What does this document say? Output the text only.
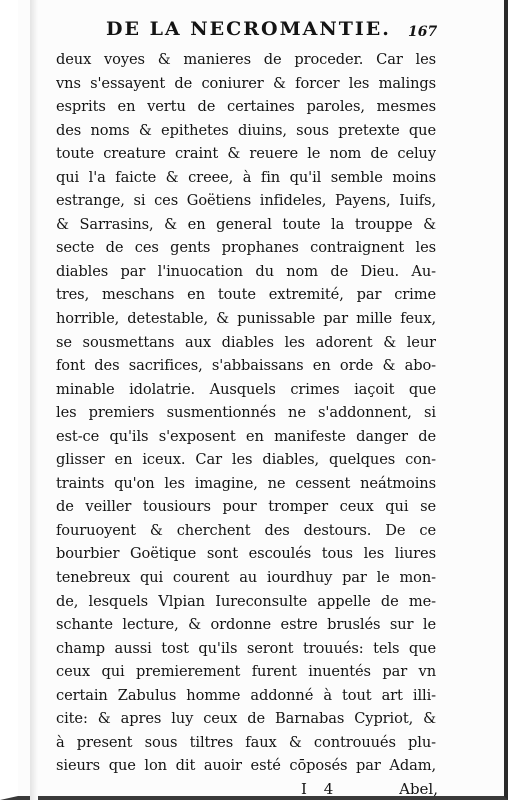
DE LA NECROMANTIE. 167
deux voyes & manieres de proceder. Car les
vns s'essayent de coniurer & forcer les malings
esprits en vertu de certaines paroles, mesmes
des noms & epithetes diuins, sous pretexte que
toute creature craint & reuere le nom de celuy
qui l'a faicte & creee, à fin qu'il semble moins
estrange, si ces Goëtiens infideles, Payens, Iuifs,
& Sarrasins, & en general toute la trouppe &
secte de ces gents prophanes contraignent les
diables par l'inuocation du nom de Dieu. Au-
tres, meschans en toute extremité, par crime
horrible, detestable, & punissable par mille feux,
se sousmettans aux diables les adorent & leur
font des sacrifices, s'abbaissans en orde & abo-
minable idolatrie. Ausquels crimes iaçoit que
les premiers susmentionnés ne s'addonnent, si
est-ce qu'ils s'exposent en manifeste danger de
glisser en iceux. Car les diables, quelques con-
traints qu'on les imagine, ne cessent neátmoins
de veiller tousiours pour tromper ceux qui se
fouruoyent & cherchent des destours. De ce
bourbier Goëtique sont escoulés tous les liures
tenebreux qui courent au iourdhuy par le mon-
de, lesquels Vlpian Iureconsulte appelle de me-
schante lecture, & ordonne estre bruslés sur le
champ aussi tost qu'ils seront trouués: tels que
ceux qui premierement furent inuentés par vn
certain Zabulus homme addonné à tout art illi-
cite: & apres luy ceux de Barnabas Cypriot, &
à present sous tiltres faux & controuués plu-
sieurs que lon dit auoir esté cōposés par Adam,
I 4	Abel,
